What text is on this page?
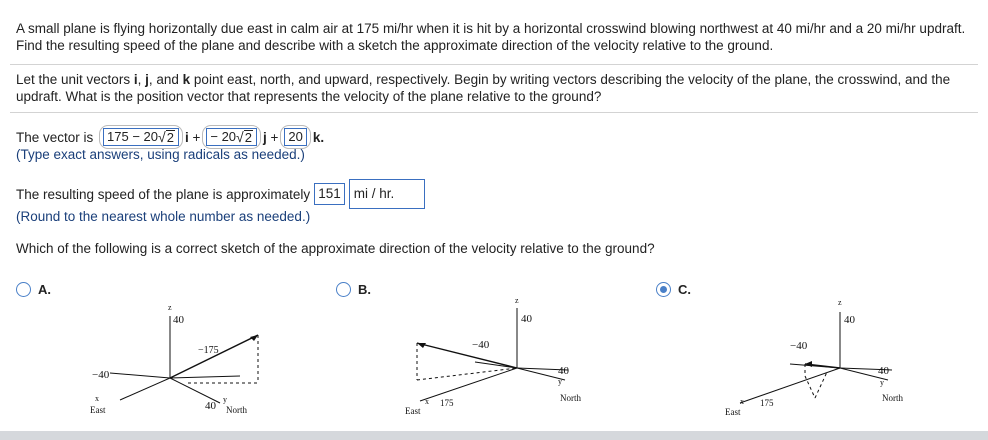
A small plane is flying horizontally due east in calm air at 175 mi/hr when it is hit by a horizontal crosswind blowing northwest at 40 mi/hr and a 20 mi/hr updraft. Find the resulting speed of the plane and describe with a sketch the approximate direction of the velocity relative to the ground.
Let the unit vectors i, j, and k point east, north, and upward, respectively. Begin by writing vectors describing the velocity of the plane, the crosswind, and the updraft. What is the position vector that represents the velocity of the plane relative to the ground?
The vector is
175 − 20 √ 2 i
+ − 20 √ 2 j
+ 20 k.
(Type exact answers, using radicals as needed.)
The resulting speed of the plane is approximately 151 mi / hr.
(Round to the nearest whole number as needed.)
Which of the following is a correct sketch of the approximate direction of the velocity relative to the ground?
A.	B.	C.
z
40
−40
−175
x
East	40
y
North
z
40
−40
40
y
North
175
x
East
z
40
−40
40
y
North
175
x
East
